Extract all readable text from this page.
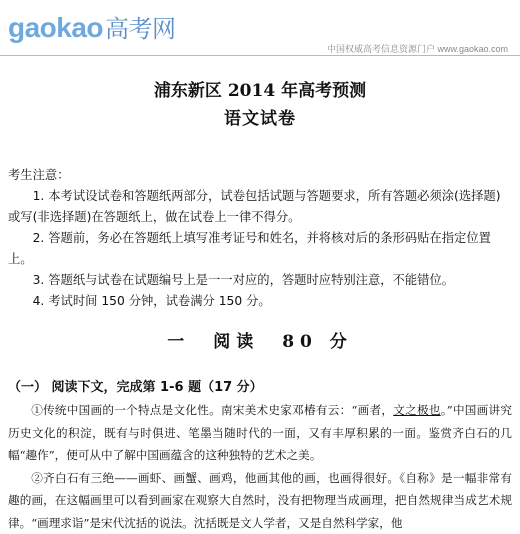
gaokao高考网
中国权威高考信息资源门户 www.gaokao.com
浦东新区 2014 年高考预测
语文试卷

考生注意：

1. 本考试设试卷和答题纸两部分，试卷包括试题与答题要求，所有答题必须涂(选择题)或写(非选择题)在答题纸上，做在试卷上一律不得分。

2. 答题前，务必在答题纸上填写准考证号和姓名，并将核对后的条形码贴在指定位置上。

3. 答题纸与试卷在试题编号上是一一对应的，答题时应特别注意，不能错位。

4. 考试时间 150 分钟，试卷满分 150 分。

一　阅读　80 分
（一） 阅读下文，完成第 1-6 题（17 分）

①传统中国画的一个特点是文化性。南宋美术史家邓椿有云：“画者，文之极也。”中国画讲究历史文化的积淀，既有与时俱进、笔墨当随时代的一面，又有丰厚积累的一面。鉴赏齐白石的几幅“趣作”，便可从中了解中国画蕴含的这种独特的艺术之美。

②齐白石有三绝——画虾、画蟹、画鸡，他画其他的画，也画得很好。《自称》是一幅非常有趣的画，在这幅画里可以看到画家在观察大自然时，没有把物理当成画理，把自然规律当成艺术规律。“画理求诣”是宋代沈括的说法。沈括既是文人学者，又是自然科学家，他
